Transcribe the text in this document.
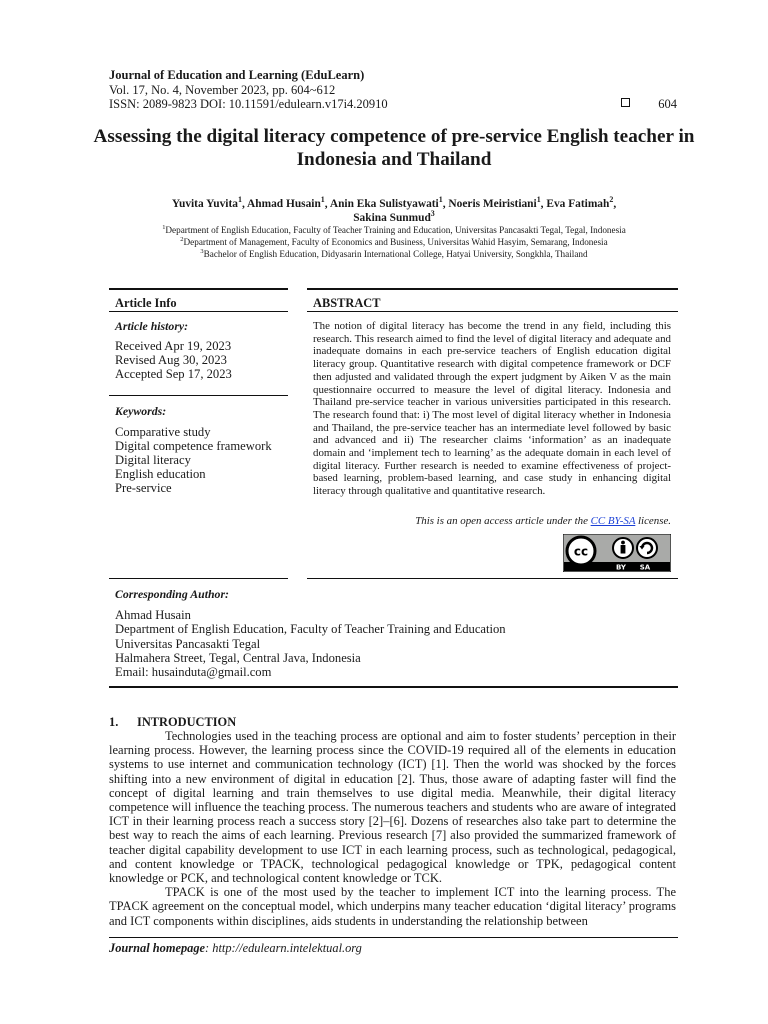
Journal of Education and Learning (EduLearn)
Vol. 17, No. 4, November 2023, pp. 604~612
ISSN: 2089-9823 DOI: 10.11591/edulearn.v17i4.20910	604
Assessing the digital literacy competence of pre-service English teacher in Indonesia and Thailand
Yuvita Yuvita$^1$, Ahmad Husain$^1$, Anin Eka Sulistyawati$^1$, Noeris Meiristiani$^1$, Eva Fatimah$^2$,
Sakina Sunmud$^3$
$^1$Department of English Education, Faculty of Teacher Training and Education, Universitas Pancasakti Tegal, Tegal, Indonesia
$^2$Department of Management, Faculty of Economics and Business, Universitas Wahid Hasyim, Semarang, Indonesia
$^3$Bachelor of English Education, Didyasarin International College, Hatyai University, Songkhla, Thailand
Article Info	ABSTRACT
Article history:
Received Apr 19, 2023
Revised Aug 30, 2023
Accepted Sep 17, 2023
Keywords:
Comparative study
Digital competence framework
Digital literacy
English education
Pre-service
The notion of digital literacy has become the trend in any field, including this research. This research aimed to find the level of digital literacy and adequate and inadequate domains in each pre-service teachers of English education digital literacy group. Quantitative research with digital competence framework or DCF then adjusted and validated through the expert judgment by Aiken V as the main questionnaire occurred to measure the level of digital literacy. Indonesia and Thailand pre-service teacher in various universities participated in this research. The research found that: i) The most level of digital literacy whether in Indonesia and Thailand, the pre-service teacher has an intermediate level followed by basic and advanced and ii) The researcher claims ‘information’ as an inadequate domain and ‘implement tech to learning’ as the adequate domain in each level of digital literacy. Further research is needed to examine effectiveness of project-based learning, problem-based learning, and case study in enhancing digital literacy through qualitative and quantitative research.
This is an open access article under the CC BY-SA license.
cc
BY SA
Corresponding Author:
Ahmad Husain
Department of English Education, Faculty of Teacher Training and Education
Universitas Pancasakti Tegal
Halmahera Street, Tegal, Central Java, Indonesia
Email: husainduta@gmail.com
1. INTRODUCTION

Technologies used in the teaching process are optional and aim to foster students’ perception in their learning process. However, the learning process since the COVID-19 required all of the elements in education systems to use internet and communication technology (ICT) [1]. Then the world was shocked by the forces shifting into a new environment of digital in education [2]. Thus, those aware of adapting faster will find the concept of digital learning and train themselves to use digital media. Meanwhile, their digital literacy competence will influence the teaching process. The numerous teachers and students who are aware of integrated ICT in their learning process reach a success story [2]–[6]. Dozens of researches also take part to determine the best way to reach the aims of each learning. Previous research [7] also provided the summarized framework of teacher digital capability development to use ICT in each learning process, such as technological, pedagogical, and content knowledge or TPACK, technological pedagogical knowledge or TPK, pedagogical content knowledge or PCK, and technological content knowledge or TCK.

TPACK is one of the most used by the teacher to implement ICT into the learning process. The TPACK agreement on the conceptual model, which underpins many teacher education ‘digital literacy’ programs and ICT components within disciplines, aids students in understanding the relationship between

Journal homepage: http://edulearn.intelektual.org
